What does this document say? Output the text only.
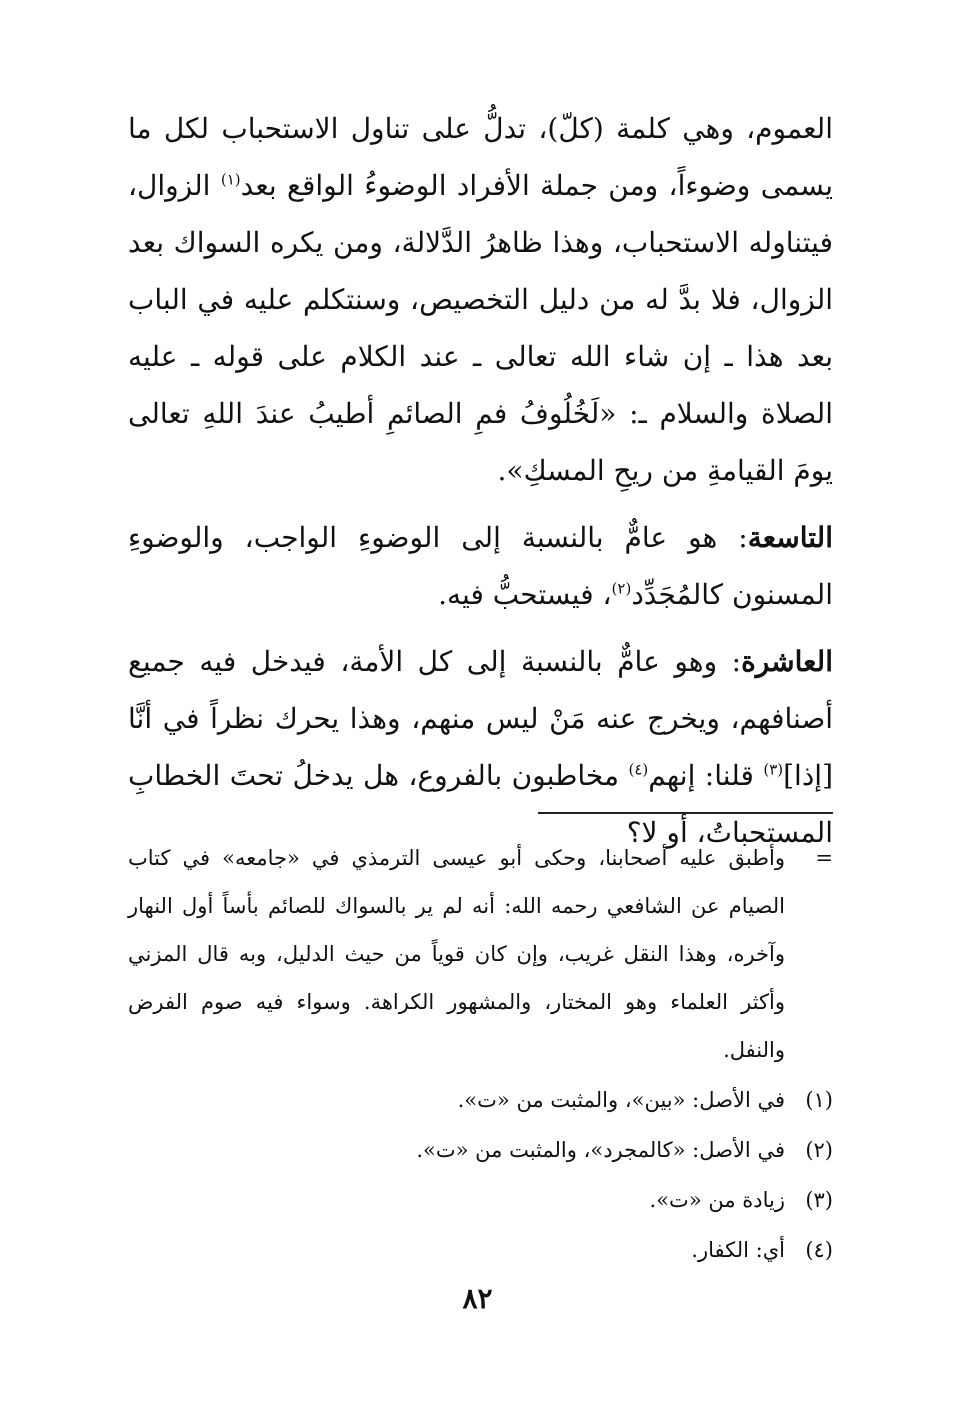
العموم، وهي كلمة (كلّ)، تدلُّ على تناول الاستحباب لكل ما يسمى وضوءاً، ومن جملة الأفراد الوضوءُ الواقع بعد$^{(١)}$ الزوال، فيتناوله الاستحباب، وهذا ظاهرُ الدَّلالة، ومن يكره السواك بعد الزوال، فلا بدَّ له من دليل التخصيص، وسنتكلم عليه في الباب بعد هذا ـ إن شاء الله تعالى ـ عند الكلام على قوله ـ عليه الصلاة والسلام ـ: «لَخُلُوفُ فمِ الصائمِ أطيبُ عندَ اللهِ تعالى يومَ القيامةِ من ريحِ المسكِ».

التاسعة: هو عامٌّ بالنسبة إلى الوضوءِ الواجب، والوضوءِ المسنون كالمُجَدِّد$^{(٢)}$، فيستحبُّ فيه.

العاشرة: وهو عامٌّ بالنسبة إلى كل الأمة، فيدخل فيه جميع أصنافهم، ويخرج عنه مَنْ ليس منهم، وهذا يحرك نظراً في أنَّا [إذا]$^{(٣)}$ قلنا: إنهم$^{(٤)}$ مخاطبون بالفروع، هل يدخلُ تحتَ الخطابِ المستحباتُ، أو لا؟

=
وأطبق عليه أصحابنا، وحكى أبو عيسى الترمذي في «جامعه» في كتاب الصيام عن الشافعي رحمه الله: أنه لم ير بالسواك للصائم بأساً أول النهار وآخره، وهذا النقل غريب، وإن كان قوياً من حيث الدليل، وبه قال المزني وأكثر العلماء وهو المختار، والمشهور الكراهة. وسواء فيه صوم الفرض والنفل.
(١)
في الأصل: «بين»، والمثبت من «ت».
(٢)
في الأصل: «كالمجرد»، والمثبت من «ت».
(٣)
زيادة من «ت».
(٤)
أي: الكفار.
٨٢
